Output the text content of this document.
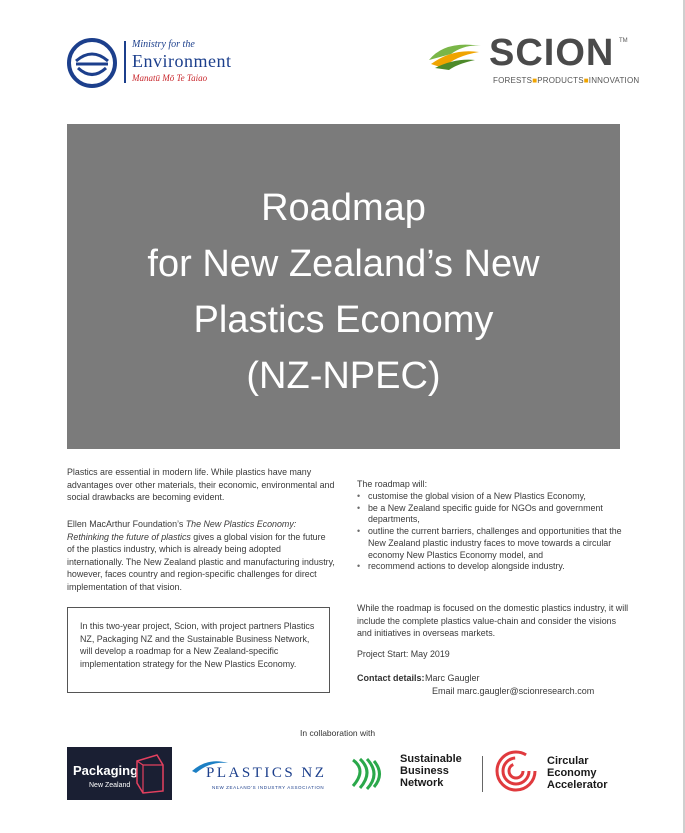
Ministry for the
Environment
Manatū Mō Te Taiao
SCION TM
FORESTS■PRODUCTS■INNOVATION
Roadmap
for New Zealand’s New
Plastics Economy
(NZ-NPEC)

Plastics are essential in modern life. While plastics have many advantages over other materials, their economic, environmental and social drawbacks are becoming evident.

Ellen MacArthur Foundation’s The New Plastics Economy: Rethinking the future of plastics gives a global vision for the future of the plastics industry, which is already being adopted internationally. The New Zealand plastic and manufacturing industry, however, faces country and region-specific challenges for direct implementation of that vision.

In this two-year project, Scion, with project partners Plastics NZ, Packaging NZ and the Sustainable Business Network, will develop a roadmap for a New Zealand-specific implementation strategy for the New Plastics Economy.

The roadmap will:

• customise the global vision of a New Plastics Economy,
• be a New Zealand specific guide for NGOs and government departments,
• outline the current barriers, challenges and opportunities that the New Zealand plastic industry faces to move towards a circular economy New Plastics Economy model, and
• recommend actions to develop alongside industry.

While the roadmap is focused on the domestic plastics industry, it will include the complete plastics value-chain and consider the visions and initiatives in overseas markets.

Project Start: May 2019

Contact details: Marc Gaugler
Email marc.gaugler@scionresearch.com
In collaboration with
Packaging
New Zealand
PLASTICS NZ
NEW ZEALAND'S INDUSTRY ASSOCIATION
Sustainable
Business
Network
Circular
Economy
Accelerator
